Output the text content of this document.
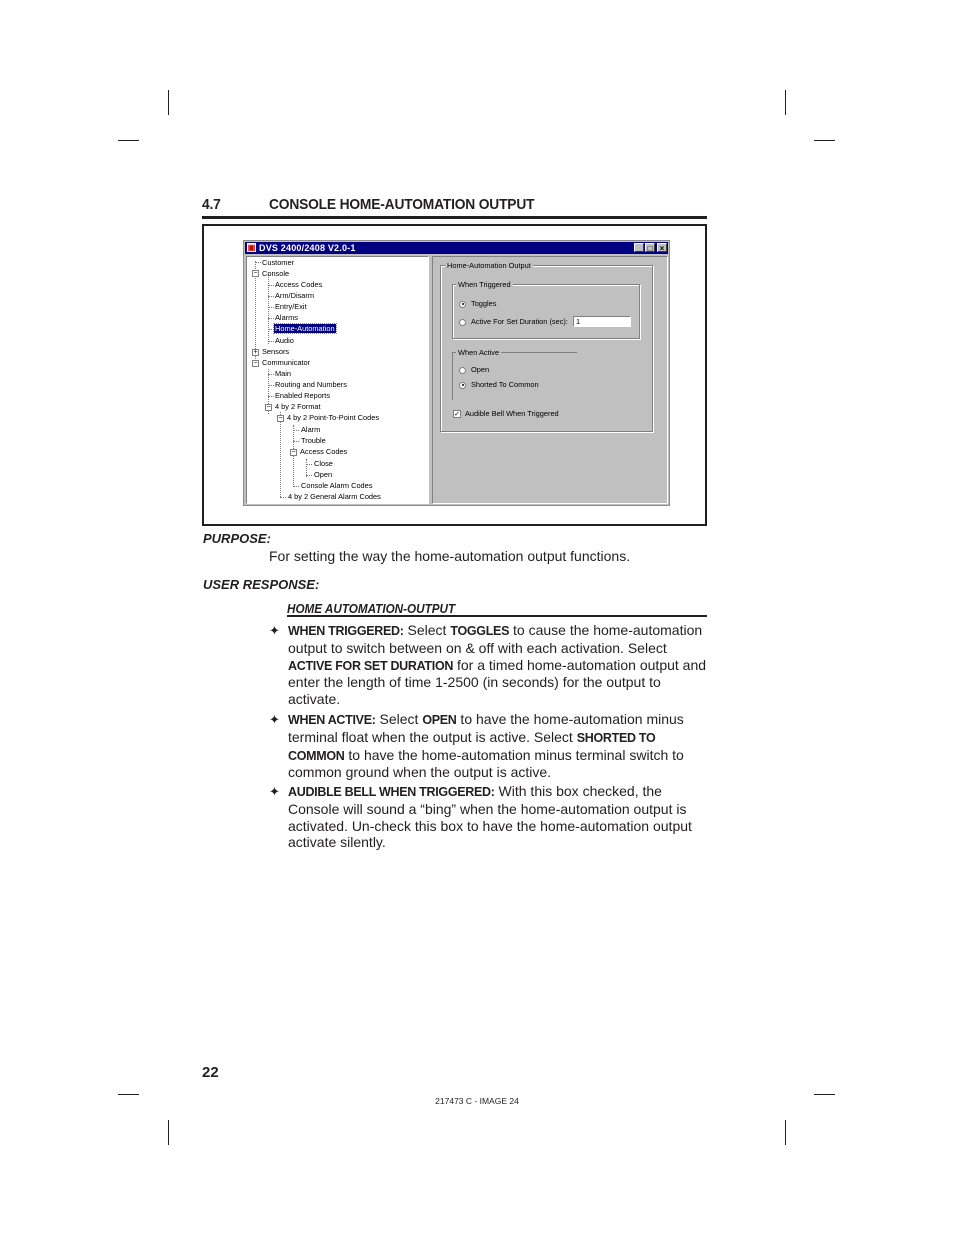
4.7	CONSOLE HOME-AUTOMATION OUTPUT
▣ DVS 2400/2408 V2.0-1	_ □ ×
−
+
−
−
−
−
Customer
Console
Access Codes
Arm/Disarm
Entry/Exit
Alarms
Home-Automation
Audio
Sensors
Communicator
Main
Routing and Numbers
Enabled Reports
4 by 2 Format
4 by 2 Point-To-Point Codes
Alarm
Trouble
Access Codes
Close
Open
Console Alarm Codes
4 by 2 General Alarm Codes
Home-Automation Output
When Triggered
Toggles
Active For Set Duration (sec):	1
When Active
Open
Shorted To Common
✓ Audible Bell When Triggered
PURPOSE:
For setting the way the home-automation output functions.
USER RESPONSE:
HOME AUTOMATION-OUTPUT
✦ WHEN TRIGGERED: Select TOGGLES to cause the home-automation output to switch between on & off with each activation. Select ACTIVE FOR SET DURATION for a timed home-automation output and enter the length of time 1-2500 (in seconds) for the output to activate.
✦ WHEN ACTIVE: Select OPEN to have the home-automation minus terminal float when the output is active. Select SHORTED TO COMMON to have the home-automation minus terminal switch to common ground when the output is active.
✦ AUDIBLE BELL WHEN TRIGGERED: With this box checked, the Console will sound a “bing” when the home-automation output is activated. Un-check this box to have the home-automation output activate silently.
22
217473 C - IMAGE 24
